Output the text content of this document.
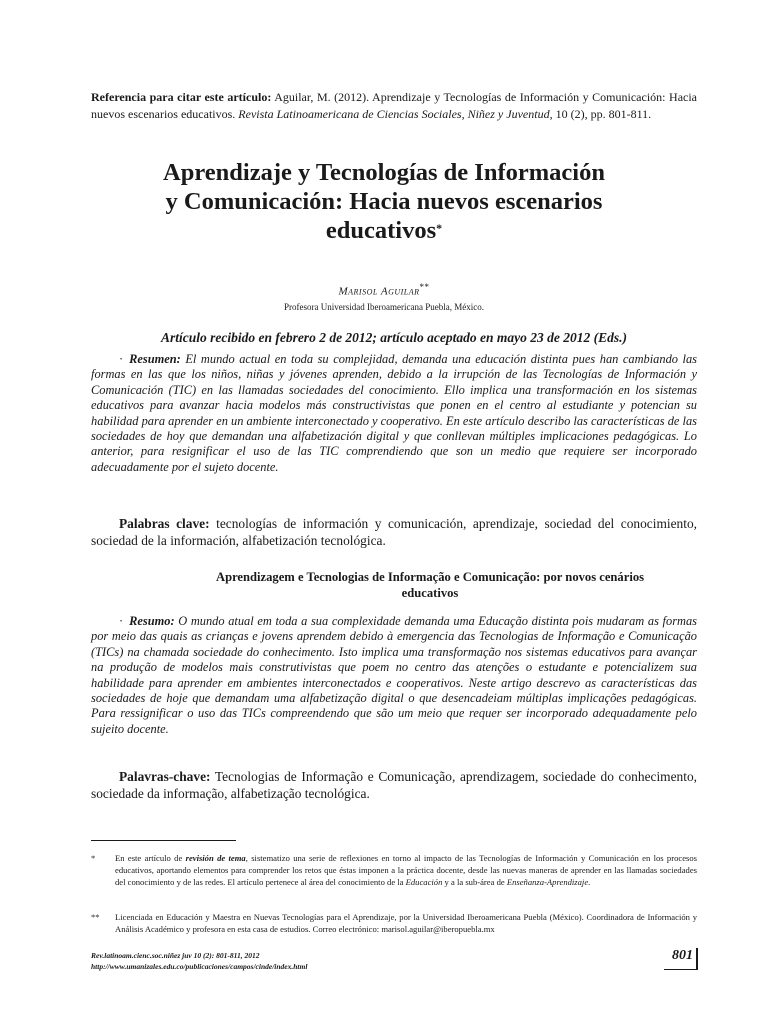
Referencia para citar este artículo: Aguilar, M. (2012). Aprendizaje y Tecnologías de Información y Comunicación: Hacia nuevos escenarios educativos. Revista Latinoamericana de Ciencias Sociales, Niñez y Juventud, 10 (2), pp. 801-811.
Aprendizaje y Tecnologías de Información
y Comunicación: Hacia nuevos escenarios
educativos*
Marisol Aguilar**
Profesora Universidad Iberoamericana Puebla, México.
Artículo recibido en febrero 2 de 2012; artículo aceptado en mayo 23 de 2012 (Eds.)
· Resumen: El mundo actual en toda su complejidad, demanda una educación distinta pues han cambiando las formas en las que los niños, niñas y jóvenes aprenden, debido a la irrupción de las Tecnologías de Información y Comunicación (TIC) en las llamadas sociedades del conocimiento. Ello implica una transformación en los sistemas educativos para avanzar hacia modelos más constructivistas que ponen en el centro al estudiante y potencian su habilidad para aprender en un ambiente interconectado y cooperativo. En este artículo describo las características de las sociedades de hoy que demandan una alfabetización digital y que conllevan múltiples implicaciones pedagógicas. Lo anterior, para resignificar el uso de las TIC comprendiendo que son un medio que requiere ser incorporado adecuadamente por el sujeto docente.
Palabras clave: tecnologías de información y comunicación, aprendizaje, sociedad del conocimiento, sociedad de la información, alfabetización tecnológica.
Aprendizagem e Tecnologias de Informação e Comunicação: por novos cenários
educativos
· Resumo: O mundo atual em toda a sua complexidade demanda uma Educação distinta pois mudaram as formas por meio das quais as crianças e jovens aprendem debido à emergencia das Tecnologias de Informação e Comunicação (TICs) na chamada sociedade do conhecimento. Isto implica uma transformação nos sistemas educativos para avançar na produção de modelos mais construtivistas que poem no centro das atenções o estudante e potencializem sua habilidade para aprender em ambientes interconectados e cooperativos. Neste artigo descrevo as características das sociedades de hoje que demandam uma alfabetização digital o que desencadeiam múltiplas implicações pedagógicas. Para ressignificar o uso das TICs compreendendo que são um meio que requer ser incorporado adequadamente pelo sujeito docente.
Palavras-chave: Tecnologias de Informação e Comunicação, aprendizagem, sociedade do conhecimento, sociedade da informação, alfabetização tecnológica.
*	En este artículo de revisión de tema, sistematizo una serie de reflexiones en torno al impacto de las Tecnologías de Información y Comunicación en los procesos educativos, aportando elementos para comprender los retos que éstas imponen a la práctica docente, desde las nuevas maneras de aprender en las llamadas sociedades del conocimiento y de las redes. El artículo pertenece al área del conocimiento de la Educación y a la sub-área de Enseñanza-Aprendizaje.
**	Licenciada en Educación y Maestra en Nuevas Tecnologías para el Aprendizaje, por la Universidad Iberoamericana Puebla (México). Coordinadora de Información y Análisis Académico y profesora en esta casa de estudios. Correo electrónico: marisol.aguilar@iberopuebla.mx
Rev.latinoam.cienc.soc.niñez juv 10 (2): 801-811, 2012
http://www.umanizales.edu.co/publicaciones/campos/cinde/index.html
801
